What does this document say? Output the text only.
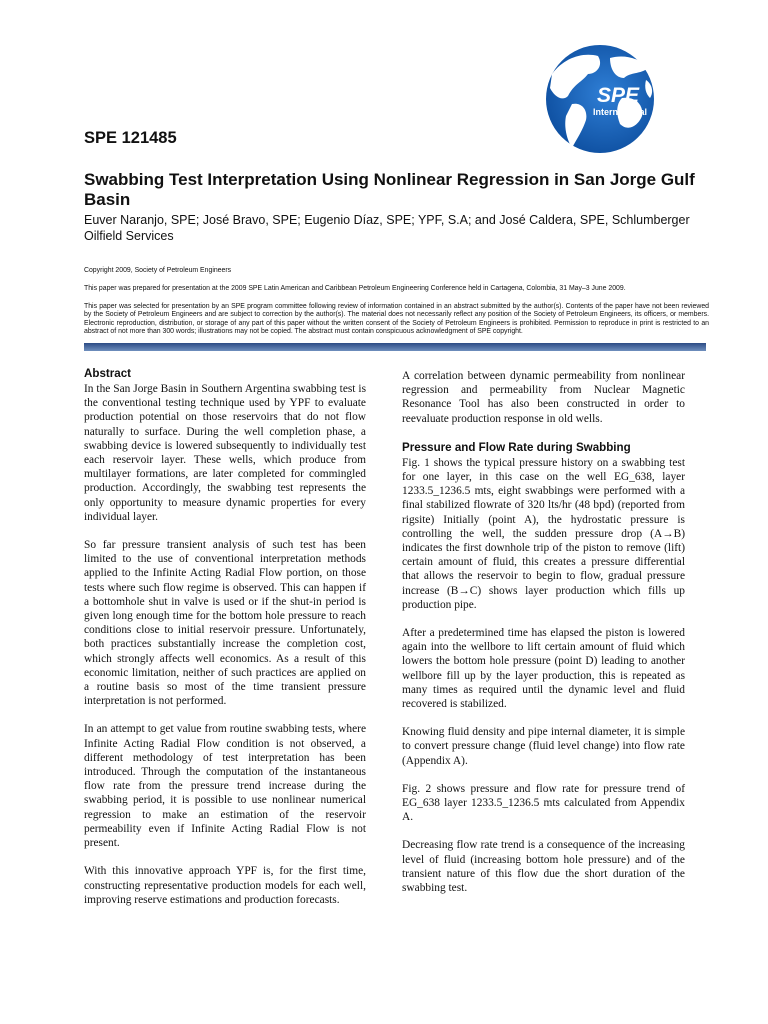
SPE
International
SPE 121485
Swabbing Test Interpretation Using Nonlinear Regression in San Jorge Gulf Basin

Euver Naranjo, SPE; José Bravo, SPE; Eugenio Díaz, SPE; YPF, S.A; and José Caldera, SPE, Schlumberger Oilfield Services

Copyright 2009, Society of Petroleum Engineers

This paper was prepared for presentation at the 2009 SPE Latin American and Caribbean Petroleum Engineering Conference held in Cartagena, Colombia, 31 May–3 June 2009.

This paper was selected for presentation by an SPE program committee following review of information contained in an abstract submitted by the author(s). Contents of the paper have not been reviewed by the Society of Petroleum Engineers and are subject to correction by the author(s). The material does not necessarily reflect any position of the Society of Petroleum Engineers, its officers, or members. Electronic reproduction, distribution, or storage of any part of this paper without the written consent of the Society of Petroleum Engineers is prohibited. Permission to reproduce in print is restricted to an abstract of not more than 300 words; illustrations may not be copied. The abstract must contain conspicuous acknowledgment of SPE copyright.

Abstract

In the San Jorge Basin in Southern Argentina swabbing test is the conventional testing technique used by YPF to evaluate production potential on those reservoirs that do not flow naturally to surface. During the well completion phase, a swabbing device is lowered subsequently to individually test each reservoir layer. These wells, which produce from multilayer formations, are later completed for commingled production. Accordingly, the swabbing test represents the only opportunity to measure dynamic properties for every individual layer.

So far pressure transient analysis of such test has been limited to the use of conventional interpretation methods applied to the Infinite Acting Radial Flow portion, on those tests where such flow regime is observed. This can happen if a bottomhole shut in valve is used or if the shut-in period is given long enough time for the bottom hole pressure to reach conditions close to initial reservoir pressure. Unfortunately, both practices substantially increase the completion cost, which strongly affects well economics. As a result of this economic limitation, neither of such practices are applied on a routine basis so most of the time transient pressure interpretation is not performed.

In an attempt to get value from routine swabbing tests, where Infinite Acting Radial Flow condition is not observed, a different methodology of test interpretation has been introduced. Through the computation of the instantaneous flow rate from the pressure trend increase during the swabbing period, it is possible to use nonlinear numerical regression to make an estimation of the reservoir permeability even if Infinite Acting Radial Flow is not present.

With this innovative approach YPF is, for the first time, constructing representative production models for each well, improving reserve estimations and production forecasts.

A correlation between dynamic permeability from nonlinear regression and permeability from Nuclear Magnetic Resonance Tool has also been constructed in order to reevaluate production response in old wells.

Pressure and Flow Rate during Swabbing

Fig. 1 shows the typical pressure history on a swabbing test for one layer, in this case on the well EG_638, layer 1233.5_1236.5 mts, eight swabbings were performed with a final stabilized flowrate of 320 lts/hr (48 bpd) (reported from rigsite) Initially (point A), the hydrostatic pressure is controlling the well, the sudden pressure drop (A→B) indicates the first downhole trip of the piston to remove (lift) certain amount of fluid, this creates a pressure differential that allows the reservoir to begin to flow, gradual pressure increase (B→C) shows layer production which fills up production pipe.

After a predetermined time has elapsed the piston is lowered again into the wellbore to lift certain amount of fluid which lowers the bottom hole pressure (point D) leading to another wellbore fill up by the layer production, this is repeated as many times as required until the dynamic level and fluid recovered is stabilized.

Knowing fluid density and pipe internal diameter, it is simple to convert pressure change (fluid level change) into flow rate (Appendix A).

Fig. 2 shows pressure and flow rate for pressure trend of EG_638 layer 1233.5_1236.5 mts calculated from Appendix A.

Decreasing flow rate trend is a consequence of the increasing level of fluid (increasing bottom hole pressure) and of the transient nature of this flow due the short duration of the swabbing test.
